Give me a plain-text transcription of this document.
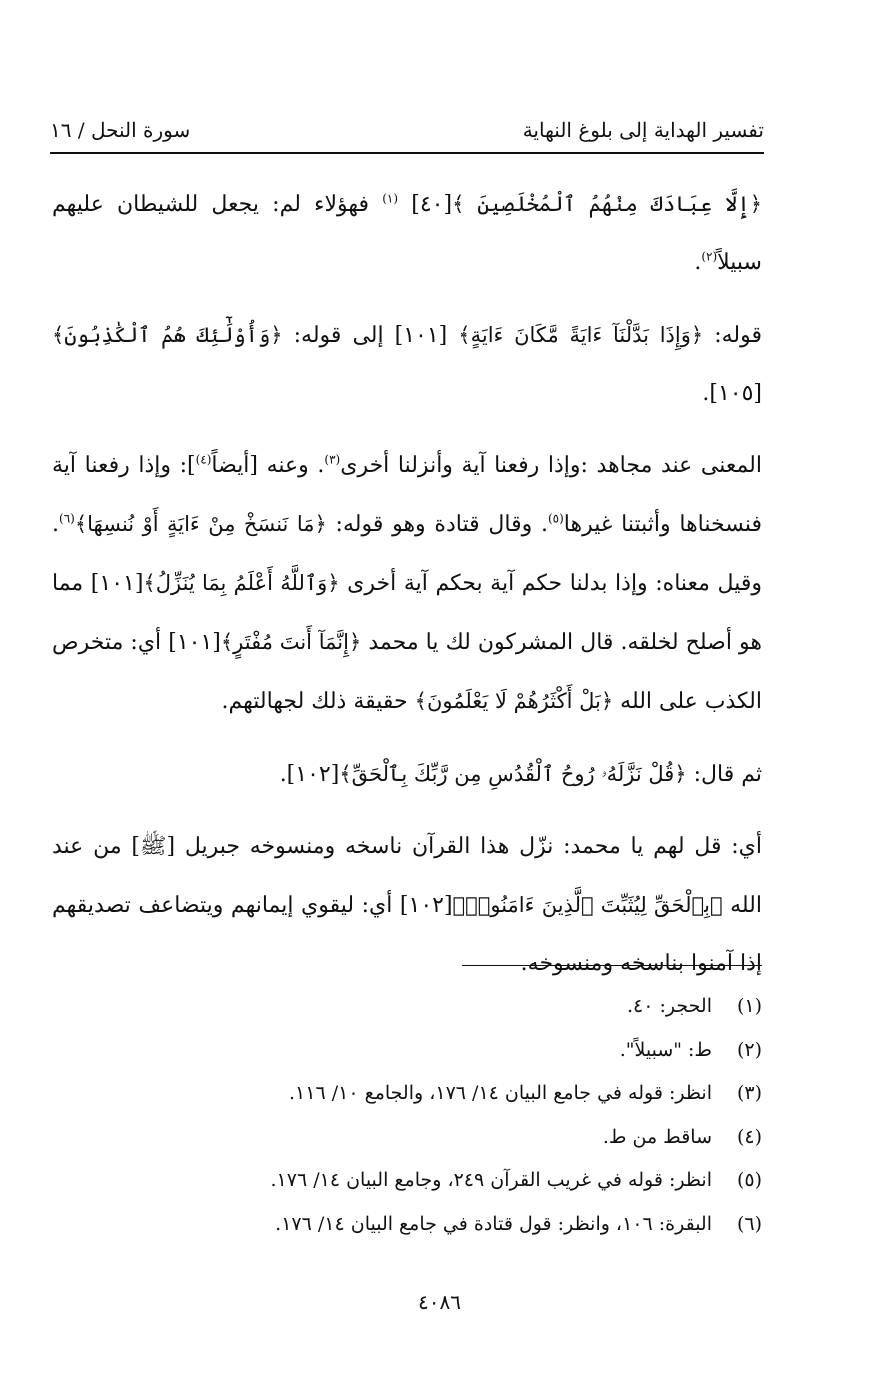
تفسير الهداية إلى بلوغ النهاية
سورة النحل / ١٦

﴿إِلَّا عِبَادَكَ مِنْهُمُ ٱلْمُخْلَصِينَ ﴾[٤٠] $^{(١)}$ فهؤلاء لم: يجعل للشيطان عليهم سبيلاً$^{(٢)}$.

قوله: ﴿وَإِذَا بَدَّلْنَآ ءَايَةً مَّكَانَ ءَايَةٍ﴾ [١٠١] إلى قوله: ﴿وَأُوْلَٰٓئِكَ هُمُ ٱلْكَٰذِبُونَ﴾ [١٠٥].

المعنى عند مجاهد :وإذا رفعنا آية وأنزلنا أخرى$^{(٣)}$. وعنه [أيضاً$^{(٤)}$]: وإذا رفعنا آية فنسخناها وأثبتنا غيرها$^{(٥)}$. وقال قتادة وهو قوله: ﴿مَا نَنسَخْ مِنْ ءَايَةٍ أَوْ نُنسِهَا﴾$^{(٦)}$. وقيل معناه: وإذا بدلنا حكم آية بحكم آية أخرى ﴿وَٱللَّهُ أَعْلَمُ بِمَا يُنَزِّلُ﴾[١٠١] مما هو أصلح لخلقه. قال المشركون لك يا محمد ﴿إِنَّمَآ أَنتَ مُفْتَرٍ﴾[١٠١] أي: متخرص الكذب على الله ﴿بَلْ أَكْثَرُهُمْ لَا يَعْلَمُونَ﴾ حقيقة ذلك لجهالتهم.

ثم قال: ﴿قُلْ نَزَّلَهُۥ رُوحُ ٱلْقُدُسِ مِن رَّبِّكَ بِٱلْحَقِّ﴾[١٠٢].

أي: قل لهم يا محمد: نزّل هذا القرآن ناسخه ومنسوخه جبريل [ﷺ] من عند الله ﴿بِٱلْحَقِّ لِيُثَبِّتَ ٱلَّذِينَ ءَامَنُوا۟﴾[١٠٢] أي: ليقوي إيمانهم ويتضاعف تصديقهم إذا آمنوا بناسخه ومنسوخه.

(١)
الحجر: ٤٠.
(٢)
ط: "سبيلاً".
(٣)
انظر: قوله في جامع البيان ١٤/ ١٧٦، والجامع ١٠/ ١١٦.
(٤)
ساقط من ط.
(٥)
انظر: قوله في غريب القرآن ٢٤٩، وجامع البيان ١٤/ ١٧٦.
(٦)
البقرة: ١٠٦، وانظر: قول قتادة في جامع البيان ١٤/ ١٧٦.
٤٠٨٦
